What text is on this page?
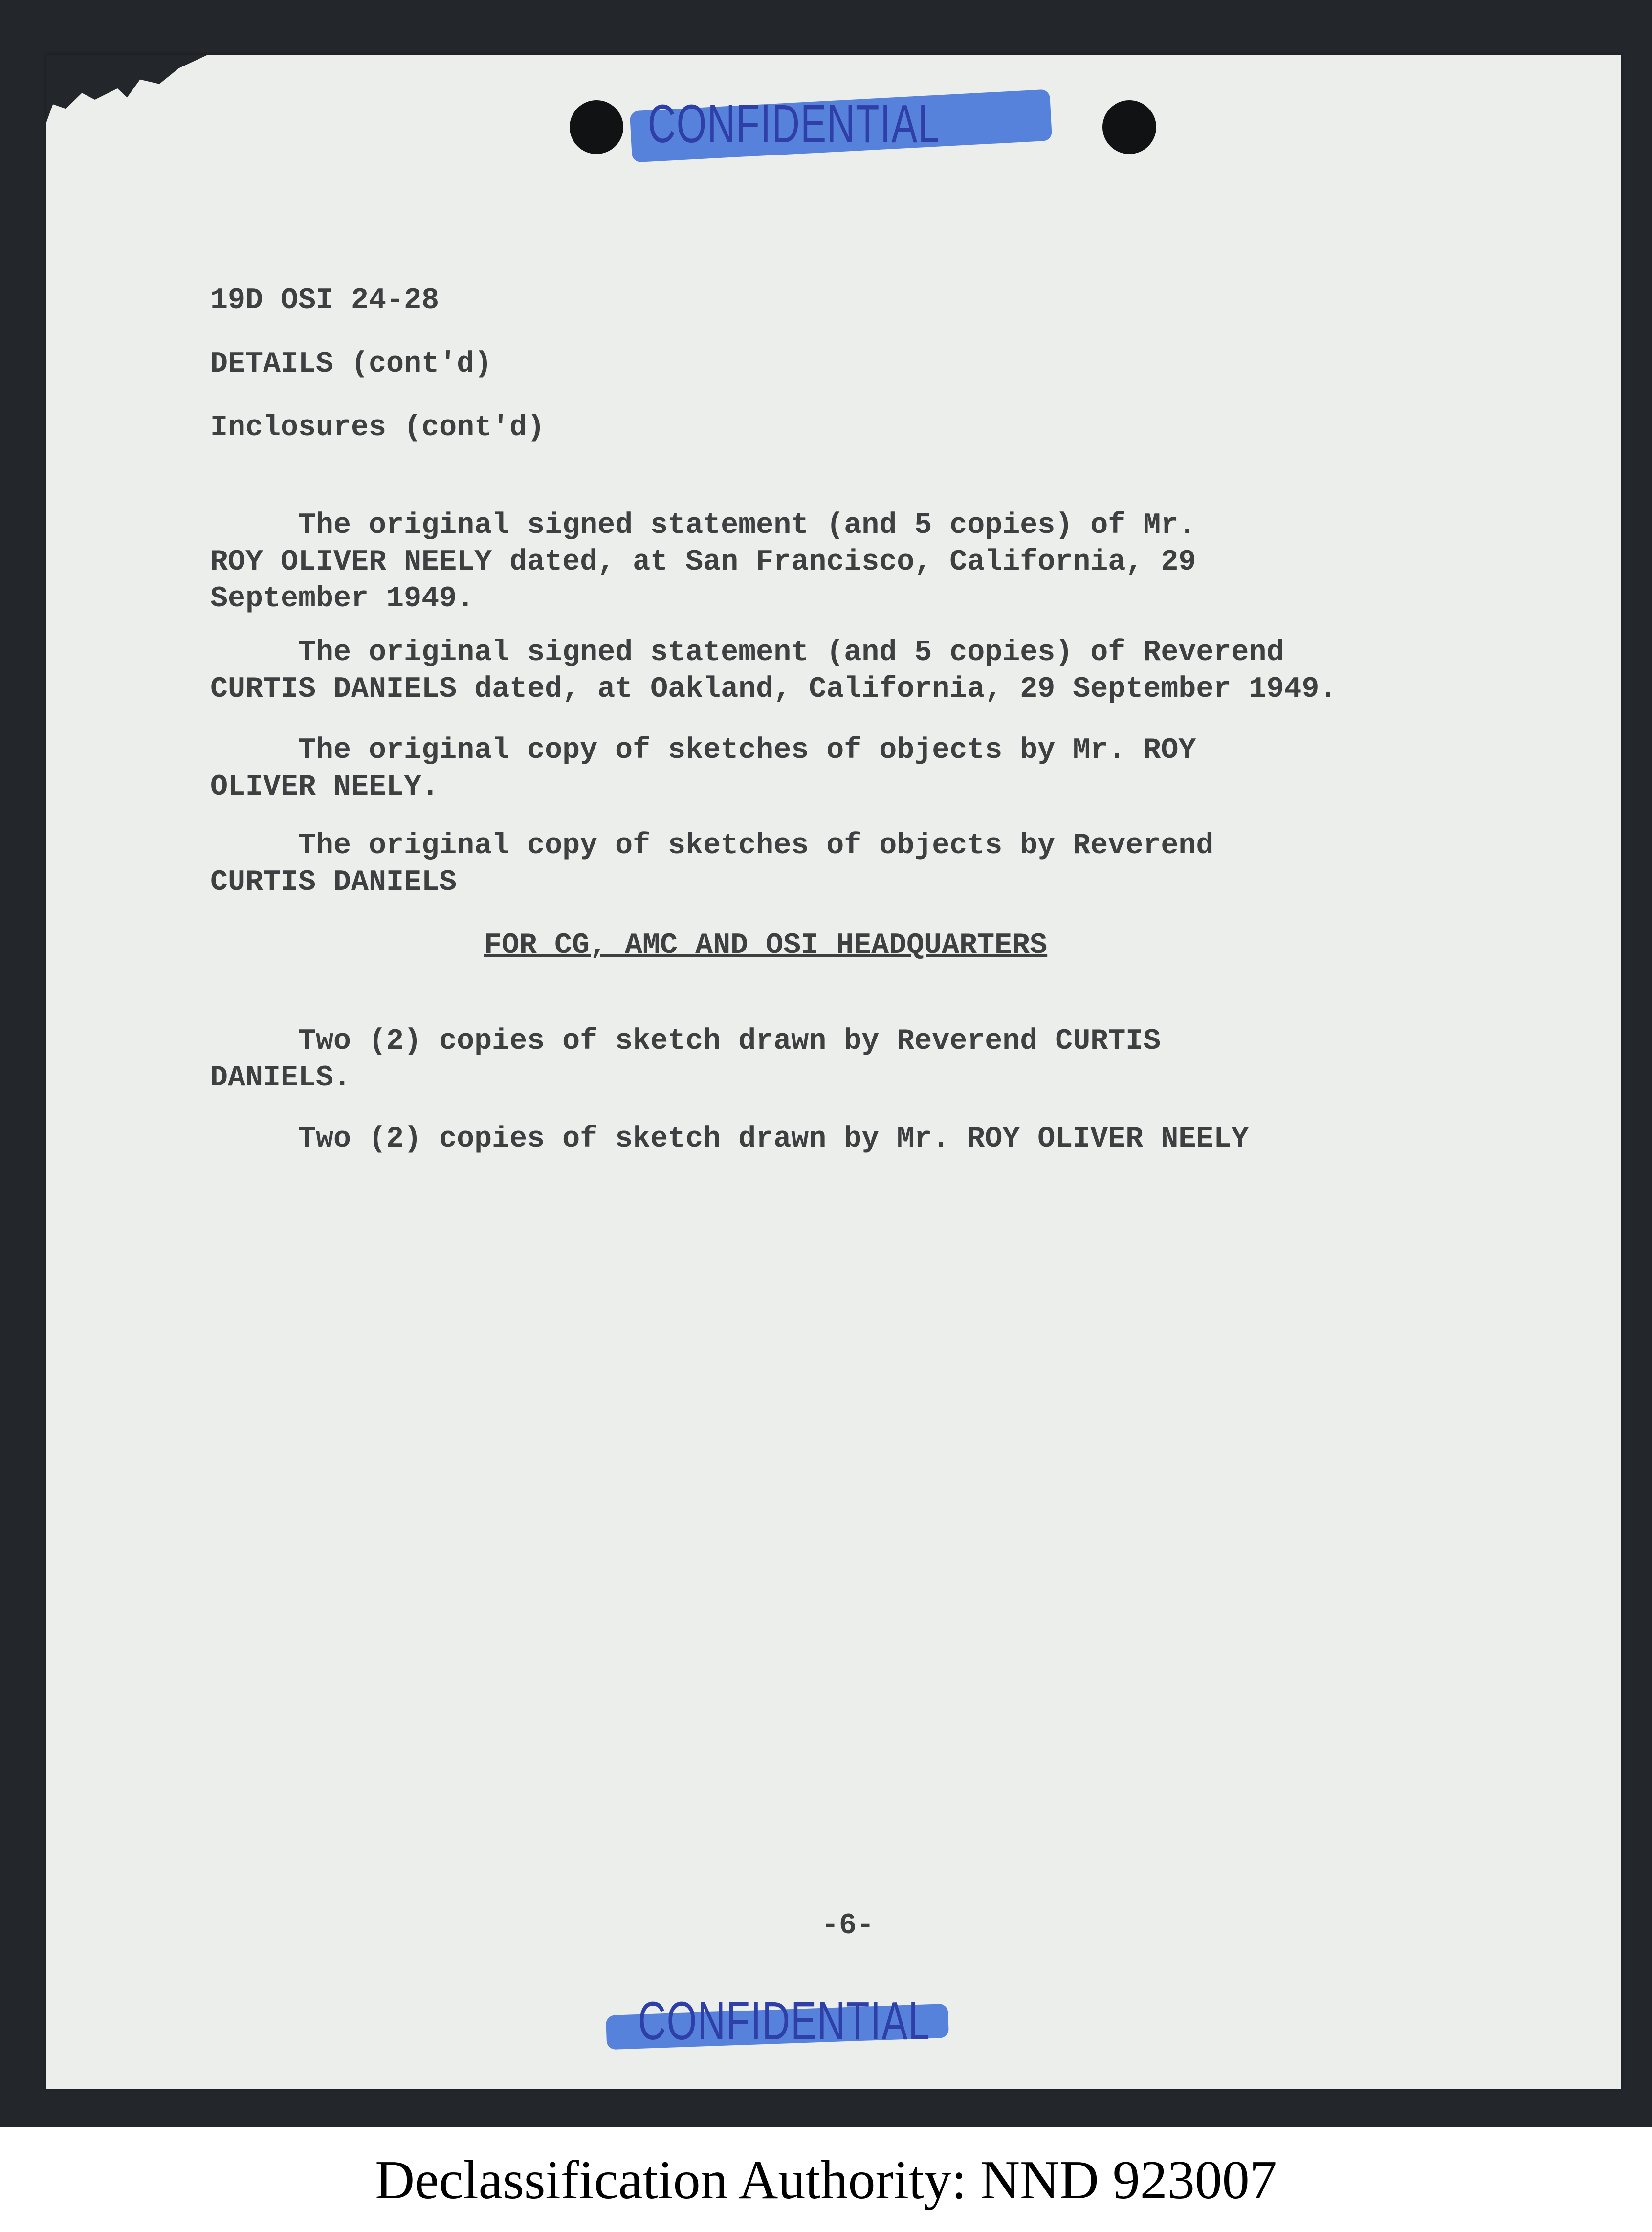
CONFIDENTIAL
19D OSI 24-28
DETAILS (cont'd)
Inclosures (cont'd)
The original signed statement (and 5 copies) of Mr.
ROY OLIVER NEELY dated, at San Francisco, California, 29
September 1949.
The original signed statement (and 5 copies) of Reverend
CURTIS DANIELS dated, at Oakland, California, 29 September 1949.
The original copy of sketches of objects by Mr. ROY
OLIVER NEELY.
The original copy of sketches of objects by Reverend
CURTIS DANIELS
FOR CG, AMC AND OSI HEADQUARTERS
Two (2) copies of sketch drawn by Reverend CURTIS
DANIELS.
Two (2) copies of sketch drawn by Mr. ROY OLIVER NEELY
-6-
CONFIDENTIAL
Declassification Authority: NND 923007
